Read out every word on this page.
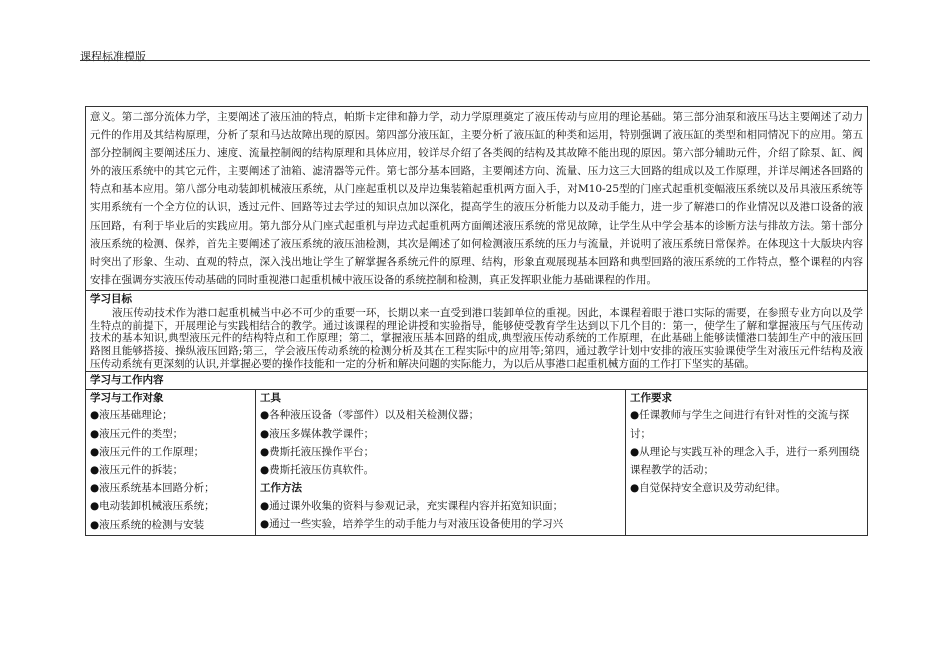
课程标准模版
意义。第二部分流体力学，主要阐述了液压油的特点，帕斯卡定律和静力学，动力学原理奠定了液压传动与应用的理论基础。第三部分油泵和液压马达主要阐述了动力元件的作用及其结构原理，分析了泵和马达故障出现的原因。第四部分液压缸，主要分析了液压缸的种类和运用，特别强调了液压缸的类型和相同情况下的应用。第五部分控制阀主要阐述压力、速度、流量控制阀的结构原理和具体应用，较详尽介绍了各类阀的结构及其故障不能出现的原因。第六部分辅助元件，介绍了除泵、缸、阀外的液压系统中的其它元件，主要阐述了油箱、滤清器等元件。第七部分基本回路，主要阐述方向、流量、压力这三大回路的组成以及工作原理，并详尽阐述各回路的特点和基本应用。第八部分电动装卸机械液压系统，从门座起重机以及岸边集装箱起重机两方面入手，对M10-25型的门座式起重机变幅液压系统以及吊具液压系统等实用系统有一个全方位的认识，透过元件、回路等过去学过的知识点加以深化，提高学生的液压分析能力以及动手能力，进一步了解港口的作业情况以及港口设备的液压回路，有利于毕业后的实践应用。第九部分从门座式起重机与岸边式起重机两方面阐述液压系统的常见故障，让学生从中学会基本的诊断方法与排故方法。第十部分液压系统的检测、保养，首先主要阐述了液压系统的液压油检测，其次是阐述了如何检测液压系统的压力与流量，并说明了液压系统日常保养。在体现这十大版块内容时突出了形象、生动、直观的特点，深入浅出地让学生了解掌握各系统元件的原理、结构，形象直观展现基本回路和典型回路的液压系统的工作特点，整个课程的内容安排在强调夯实液压传动基础的同时重视港口起重机械中液压设备的系统控制和检测，真正发挥职业能力基础课程的作用。

学习目标
液压传动技术作为港口起重机械当中必不可少的重要一环，长期以来一直受到港口装卸单位的重视。因此，本课程着眼于港口实际的需要，在参照专业方向以及学生特点的前提下，开展理论与实践相结合的教学。通过该课程的理论讲授和实验指导，能够使受教育学生达到以下几个目的：第一，使学生了解和掌握液压与气压传动技术的基本知识,典型液压元件的结构特点和工作原理；第二，掌握液压基本回路的组成,典型液压传动系统的工作原理，在此基础上能够读懂港口装卸生产中的液压回路图且能够搭接、操纵液压回路;第三，学会液压传动系统的检测分析及其在工程实际中的应用等;第四，通过教学计划中安排的液压实验课使学生对液压元件结构及液压传动系统有更深刻的认识,并掌握必要的操作技能和一定的分析和解决问题的实际能力，为以后从事港口起重机械方面的工作打下坚实的基础。

学习与工作内容

学习与工作对象
●液压基础理论；
●液压元件的类型；
●液压元件的工作原理；
●液压元件的拆装；
●液压系统基本回路分析；
●电动装卸机械液压系统；
●液压系统的检测与安装

工具
●各种液压设备（零部件）以及相关检测仪器；
●液压多媒体教学课件；
●费斯托液压操作平台；
●费斯托液压仿真软件。
工作方法
●通过课外收集的资料与参观记录，充实课程内容并拓宽知识面；
●通过一些实验，培养学生的动手能力与对液压设备使用的学习兴

工作要求
●任课教师与学生之间进行有针对性的交流与探讨；
●从理论与实践互补的理念入手，进行一系列围绕课程教学的活动；
●自觉保持安全意识及劳动纪律。
